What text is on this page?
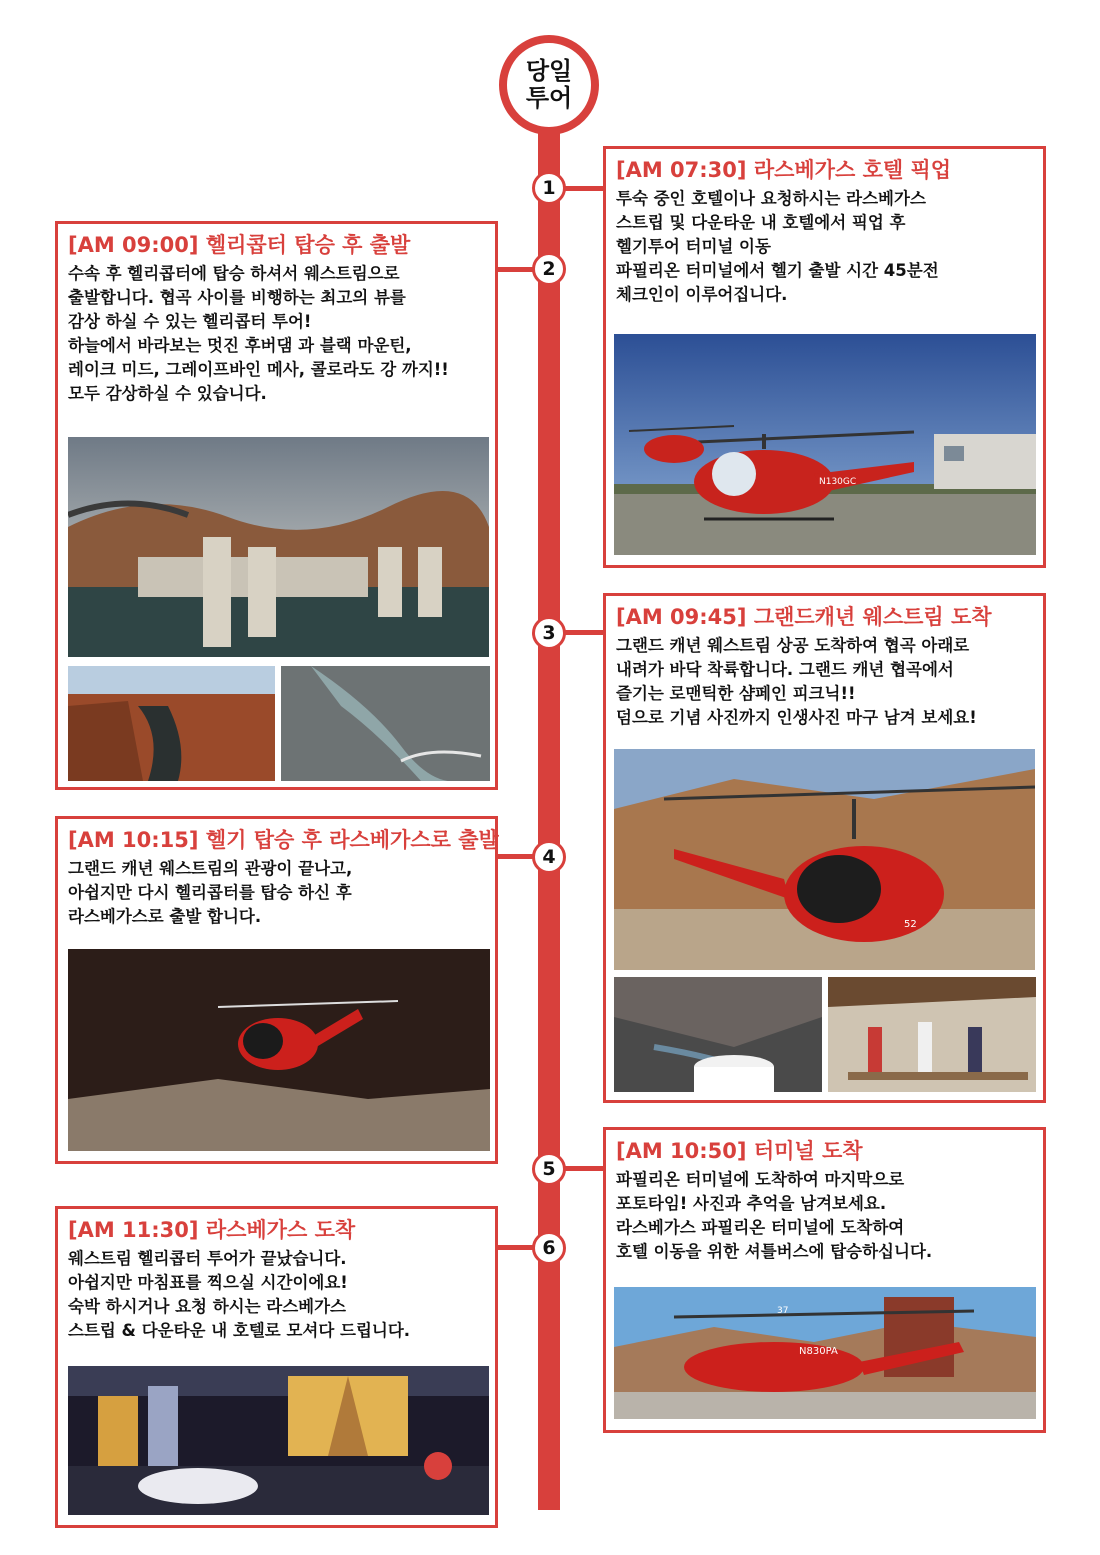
당일
투어
1
2
3
4
5
6
[AM 07:30] 라스베가스 호텔 픽업

투숙 중인 호텔이나 요청하시는 라스베가스
스트립 및 다운타운 내 호텔에서 픽업 후
헬기투어 터미널 이동
파필리온 터미널에서 헬기 출발 시간 45분전
체크인이 이루어집니다.

N130GC
[AM 09:00] 헬리콥터 탑승 후 출발

수속 후 헬리콥터에 탑승 하셔서 웨스트림으로
출발합니다. 협곡 사이를 비행하는 최고의 뷰를
감상 하실 수 있는 헬리콥터 투어!
하늘에서 바라보는 멋진 후버댐 과 블랙 마운틴,
레이크 미드, 그레이프바인 메사, 콜로라도 강 까지!!
모두 감상하실 수 있습니다.

[AM 09:45] 그랜드캐년 웨스트림 도착

그랜드 캐년 웨스트림 상공 도착하여 협곡 아래로
내려가 바닥 착륙합니다. 그랜드 캐년 협곡에서
즐기는 로맨틱한 샴페인 피크닉!!
덤으로 기념 사진까지 인생사진 마구 남겨 보세요!

52
[AM 10:15] 헬기 탑승 후 라스베가스로 출발

그랜드 캐년 웨스트림의 관광이 끝나고,
아쉽지만 다시 헬리콥터를 탑승 하신 후
라스베가스로 출발 합니다.

[AM 10:50] 터미널 도착

파필리온 터미널에 도착하여 마지막으로
포토타임! 사진과 추억을 남겨보세요.
라스베가스 파필리온 터미널에 도착하여
호텔 이동을 위한 셔틀버스에 탑승하십니다.

37
N830PA
[AM 11:30] 라스베가스 도착

웨스트림 헬리콥터 투어가 끝났습니다.
아쉽지만 마침표를 찍으실 시간이에요!
숙박 하시거나 요청 하시는 라스베가스
스트립 & 다운타운 내 호텔로 모셔다 드립니다.
